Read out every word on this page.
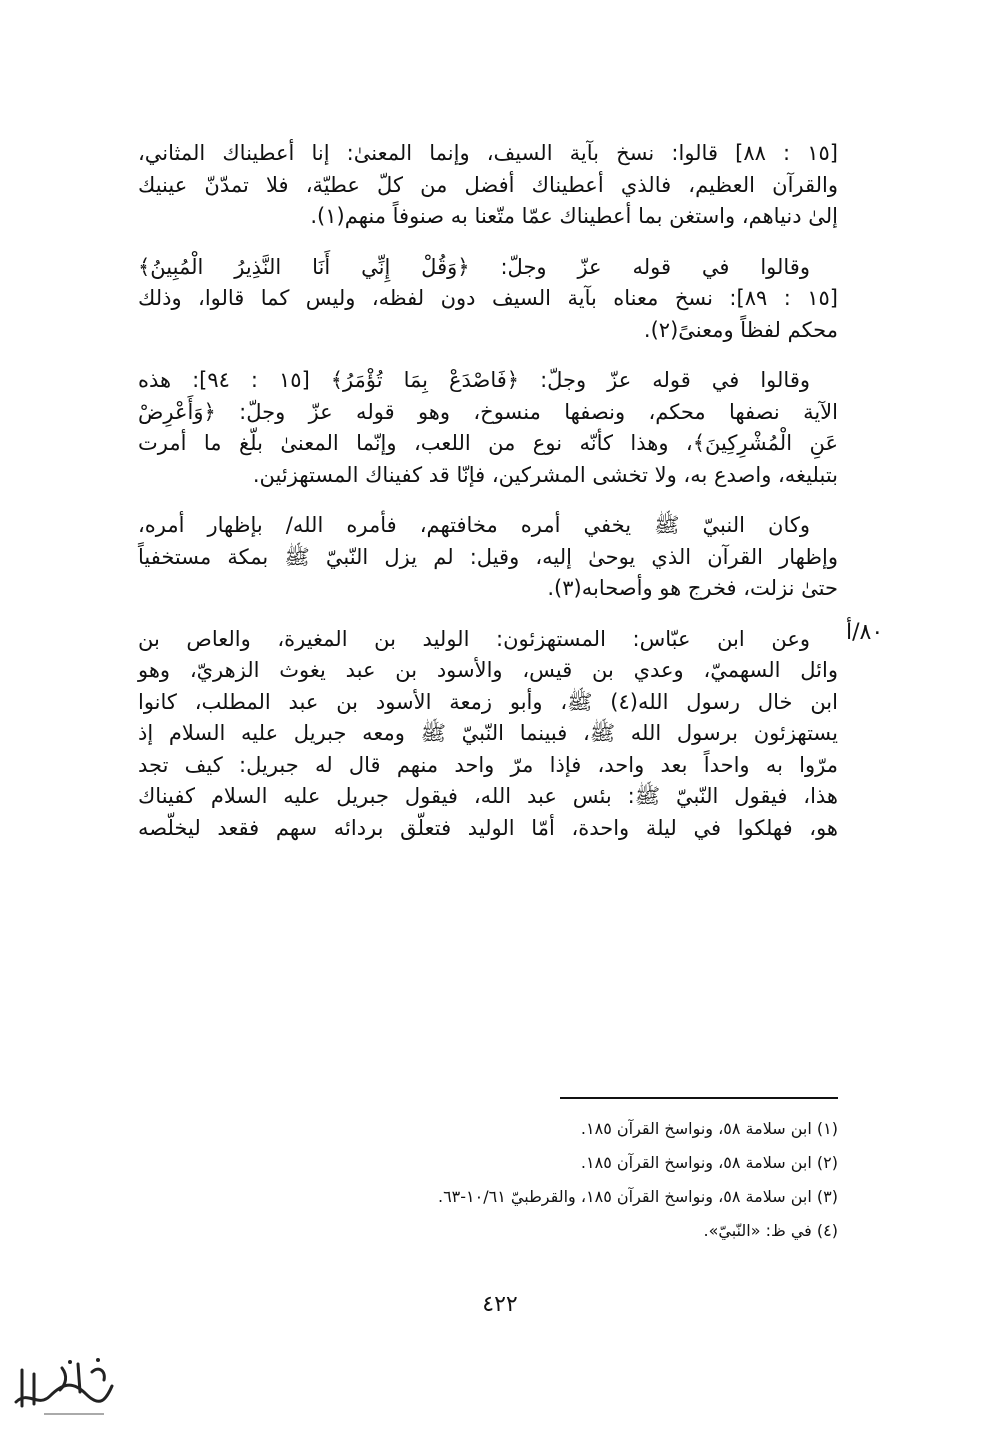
[١٥ : ٨٨] قالوا: نسخ بآية السيف، وإنما المعنىٰ: إنا أعطيناك المثاني،
والقرآن العظيم، فالذي أعطيناك أفضل من كلّ عطيّة، فلا تمدّنّ عينيك
إلىٰ دنياهم، واستغن بما أعطيناك عمّا متّعنا به صنوفاً منهم(١).

وقالوا في قوله عزّ وجلّ: ﴿وَقُلْ إِنِّي أَنَا النَّذِيرُ الْمُبِينُ﴾
[١٥ : ٨٩]: نسخ معناه بآية السيف دون لفظه، وليس كما قالوا، وذلك
محكم لفظاً ومعنىً(٢).

وقالوا في قوله عزّ وجلّ: ﴿فَاصْدَعْ بِمَا تُؤْمَرُ﴾ [١٥ : ٩٤]: هذه
الآية نصفها محكم، ونصفها منسوخ، وهو قوله عزّ وجلّ: ﴿وَأَعْرِضْ
عَنِ الْمُشْرِكِينَ﴾، وهذا كأنّه نوع من اللعب، وإنّما المعنىٰ بلّغ ما أمرت
بتبليغه، واصدع به، ولا تخشى المشركين، فإنّا قد كفيناك المستهزئين.

وكان النبيّ ﷺ يخفي أمره مخافتهم، فأمره الله/ بإظهار أمره،
وإظهار القرآن الذي يوحىٰ إليه، وقيل: لم يزل النّبيّ ﷺ بمكة مستخفياً
حتىٰ نزلت، فخرج هو وأصحابه(٣).

وعن ابن عبّاس: المستهزئون: الوليد بن المغيرة، والعاص بن
وائل السهميّ، وعدي بن قيس، والأسود بن عبد يغوث الزهريّ، وهو
ابن خال رسول الله(٤) ﷺ، وأبو زمعة الأسود بن عبد المطلب، كانوا
يستهزئون برسول الله ﷺ، فبينما النّبيّ ﷺ ومعه جبريل عليه السلام إذ
مرّوا به واحداً بعد واحد، فإذا مرّ واحد منهم قال له جبريل: كيف تجد
هذا، فيقول النّبيّ ﷺ: بئس عبد الله، فيقول جبريل عليه السلام كفيناك
هو، فهلكوا في ليلة واحدة، أمّا الوليد فتعلّق بردائه سهم فقعد ليخلّصه

٨٠/أ
(١) ابن سلامة ٥٨، ونواسخ القرآن ١٨٥.
(٢) ابن سلامة ٥٨، ونواسخ القرآن ١٨٥.
(٣) ابن سلامة ٥٨، ونواسخ القرآن ١٨٥، والقرطبيّ ١٠/٦١-٦٣.
(٤) في ظ: «النّبيّ».
٤٢٢
